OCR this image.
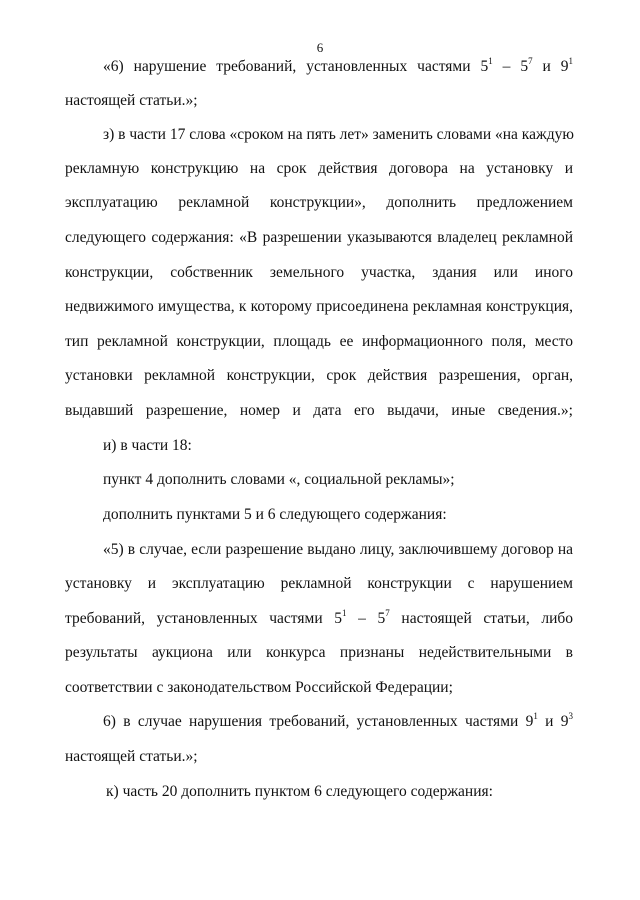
6
«6) нарушение требований, установленных частями $5^1 - 5^7$ и $9^1$
настоящей статьи.»;
з) в части 17 слова «сроком на пять лет» заменить словами «на каждую
рекламную конструкцию на срок действия договора на установку и
эксплуатацию рекламной конструкции», дополнить предложением
следующего содержания: «В разрешении указываются владелец рекламной
конструкции, собственник земельного участка, здания или иного
недвижимого имущества, к которому присоединена рекламная конструкция,
тип рекламной конструкции, площадь ее информационного поля, место
установки рекламной конструкции, срок действия разрешения, орган,
выдавший разрешение, номер и дата его выдачи, иные сведения.»;
и) в части 18:
пункт 4 дополнить словами «, социальной рекламы»;
дополнить пунктами 5 и 6 следующего содержания:
«5) в случае, если разрешение выдано лицу, заключившему договор на
установку и эксплуатацию рекламной конструкции с нарушением
требований, установленных частями $5^1 - 5^7$ настоящей статьи, либо
результаты аукциона или конкурса признаны недействительными в
соответствии с законодательством Российской Федерации;
6) в случае нарушения требований, установленных частями $9^1$ и $9^3$
настоящей статьи.»;
к) часть 20 дополнить пунктом 6 следующего содержания:
